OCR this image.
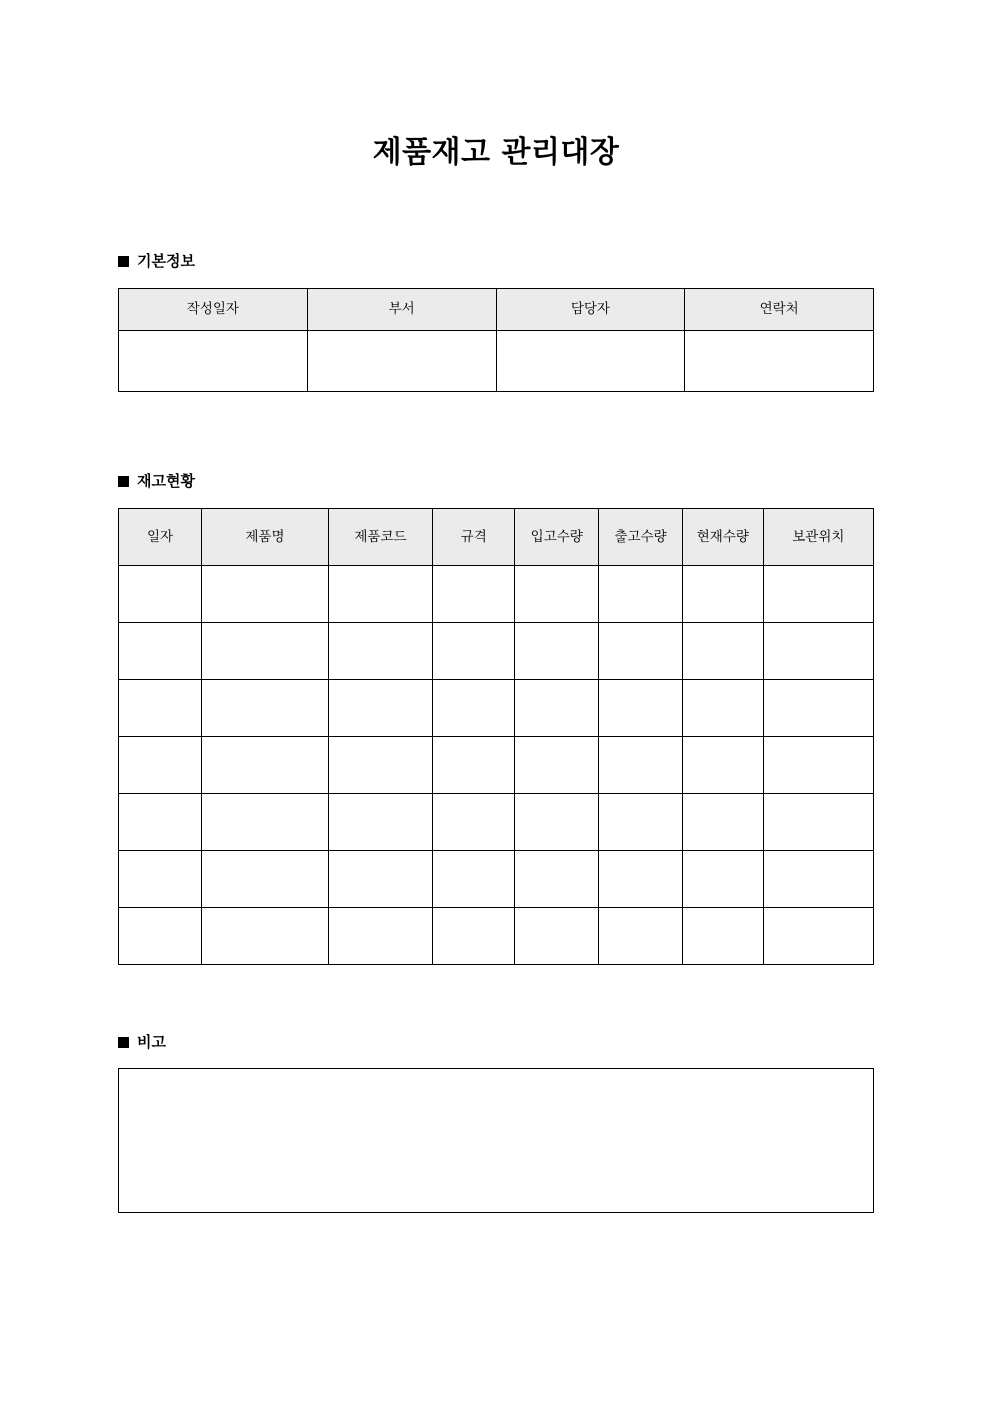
제품재고 관리대장
기본정보
작성일자	부서	담당자	연락처

재고현황
일자	제품명	제품코드	규격	입고수량	출고수량	현재수량	보관위치

비고
